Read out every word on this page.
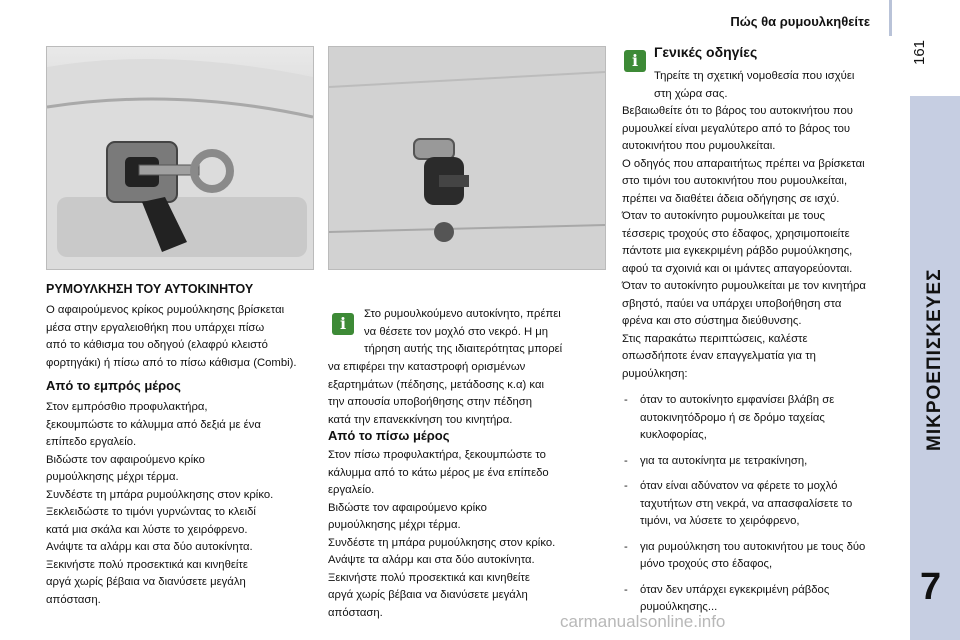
Πώς θα ρυμουλκηθείτε
161
ΜΙΚΡΟΕΠΙΣΚΕΥΕΣ
7
ΡΥΜΟΥΛΚΗΣΗ ΤΟΥ ΑΥΤΟΚΙΝΗΤΟΥ

Ο αφαιρούμενος κρίκος ρυμούλκησης βρίσκεται

μέσα στην εργαλειοθήκη που υπάρχει πίσω

από το κάθισμα του οδηγού (ελαφρύ κλειστό

φορτηγάκι) ή πίσω από το πίσω κάθισμα (Combi).

Από το εμπρός μέρος

Στον εμπρόσθιο προφυλακτήρα,

ξεκουμπώστε το κάλυμμα από δεξιά με ένα

επίπεδο εργαλείο.

Βιδώστε τον αφαιρούμενο κρίκο

ρυμούλκησης μέχρι τέρμα.

Συνδέστε τη μπάρα ρυμούλκησης στον κρίκο.

Ξεκλειδώστε το τιμόνι γυρνώντας το κλειδί

κατά μια σκάλα και λύστε το χειρόφρενο.

Ανάψτε τα αλάρμ και στα δύο αυτοκίνητα.

Ξεκινήστε πολύ προσεκτικά και κινηθείτε

αργά χωρίς βέβαια να διανύσετε μεγάλη

απόσταση.

i	Στο ρυμουλκούμενο αυτοκίνητο, πρέπει

να θέσετε τον μοχλό στο νεκρό. Η μη

τήρηση αυτής της ιδιαιτερότητας μπορεί

να επιφέρει την καταστροφή ορισμένων

εξαρτημάτων (πέδησης, μετάδοσης κ.α) και

την απουσία υποβοήθησης στην πέδηση

κατά την επανεκκίνηση του κινητήρα.

Από το πίσω μέρος

Στον πίσω προφυλακτήρα, ξεκουμπώστε το

κάλυμμα από το κάτω μέρος με ένα επίπεδο

εργαλείο.

Βιδώστε τον αφαιρούμενο κρίκο

ρυμούλκησης μέχρι τέρμα.

Συνδέστε τη μπάρα ρυμούλκησης στον κρίκο.

Ανάψτε τα αλάρμ και στα δύο αυτοκίνητα.

Ξεκινήστε πολύ προσεκτικά και κινηθείτε

αργά χωρίς βέβαια να διανύσετε μεγάλη

απόσταση.

i	Γενικές οδηγίες

Τηρείτε τη σχετική νομοθεσία που ισχύει

στη χώρα σας.

Βεβαιωθείτε ότι το βάρος του αυτοκινήτου που

ρυμουλκεί είναι μεγαλύτερο από το βάρος του

αυτοκινήτου που ρυμουλκείται.

Ο οδηγός που απαραιτήτως πρέπει να βρίσκεται

στο τιμόνι του αυτοκινήτου που ρυμουλκείται,

πρέπει να διαθέτει άδεια οδήγησης σε ισχύ.

Όταν το αυτοκίνητο ρυμουλκείται με τους

τέσσερις τροχούς στο έδαφος, χρησιμοποιείτε

πάντοτε μια εγκεκριμένη ράβδο ρυμούλκησης,

αφού τα σχοινιά και οι ιμάντες απαγορεύονται.

Όταν το αυτοκίνητο ρυμουλκείται με τον κινητήρα

σβηστό, παύει να υπάρχει υποβοήθηση στα

φρένα και στο σύστημα διεύθυνσης.

Στις παρακάτω περιπτώσεις, καλέστε

οπωσδήποτε έναν επαγγελματία για τη

ρυμούλκηση:

- όταν το αυτοκίνητο εμφανίσει βλάβη σε
αυτοκινητόδρομο ή σε δρόμο ταχείας
κυκλοφορίας,
- για τα αυτοκίνητα με τετρακίνηση,
- όταν είναι αδύνατον να φέρετε το μοχλό
ταχυτήτων στη νεκρά, να απασφαλίσετε το
τιμόνι, να λύσετε το χειρόφρενο,
- για ρυμούλκηση του αυτοκινήτου με τους δύο
μόνο τροχούς στο έδαφος,
- όταν δεν υπάρχει εγκεκριμένη ράβδος
ρυμούλκησης...
carmanualsonline.info
